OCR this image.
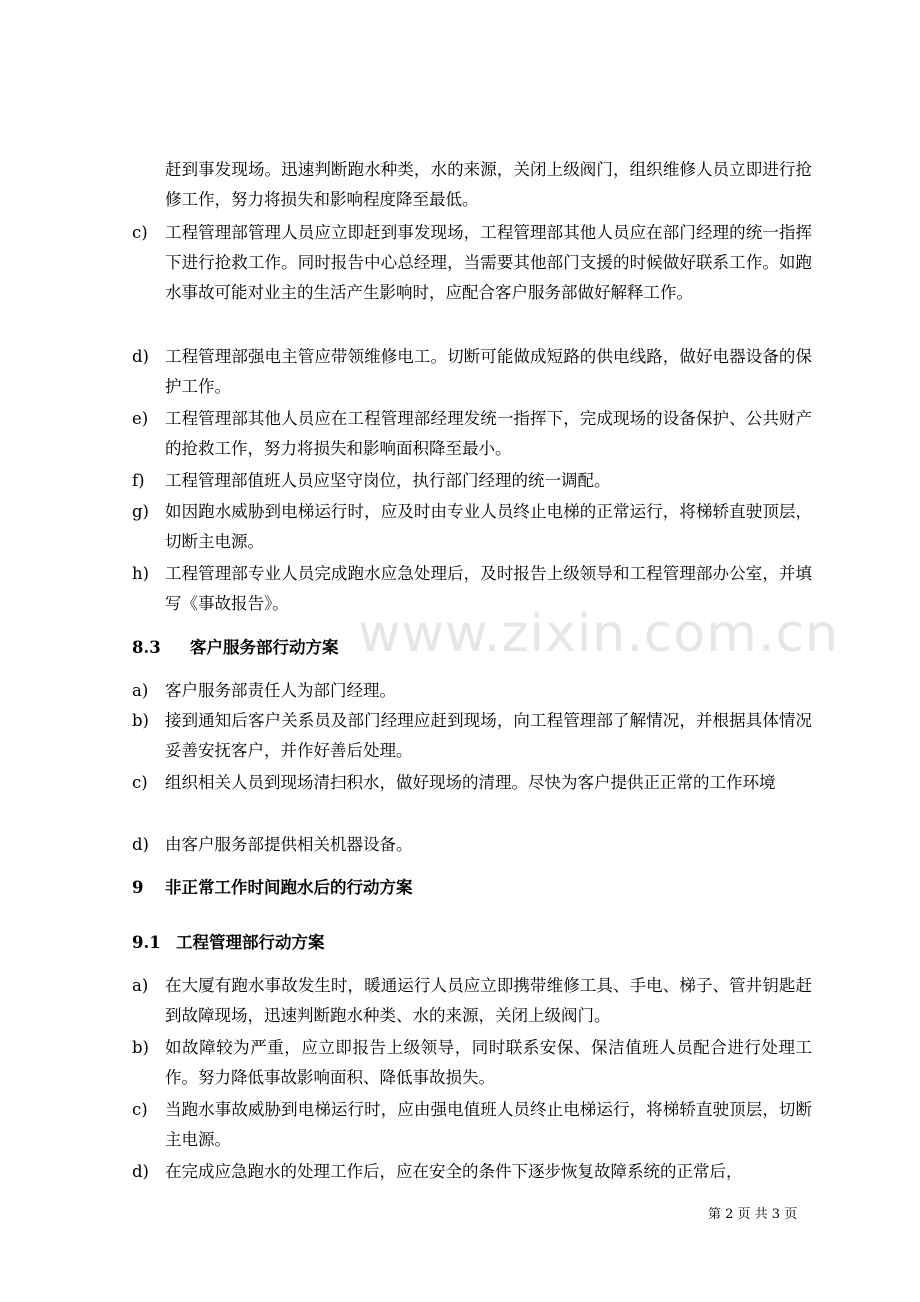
www.zixin.com.cn
赶到事发现场。迅速判断跑水种类，水的来源，关闭上级阀门，组织维修人员立即进行抢修工作，努力将损失和影响程度降至最低。
c)	工程管理部管理人员应立即赶到事发现场，工程管理部其他人员应在部门经理的统一指挥下进行抢救工作。同时报告中心总经理，当需要其他部门支援的时候做好联系工作。如跑水事故可能对业主的生活产生影响时，应配合客户服务部做好解释工作。
d) 工程管理部强电主管应带领维修电工。切断可能做成短路的供电线路，做好电器设备的保护工作。
e)	工程管理部其他人员应在工程管理部经理发统一指挥下，完成现场的设备保护、公共财产的抢救工作，努力将损失和影响面积降至最小。
f)	工程管理部值班人员应坚守岗位，执行部门经理的统一调配。
g) 如因跑水威胁到电梯运行时，应及时由专业人员终止电梯的正常运行，将梯轿直驶顶层，切断主电源。
h) 工程管理部专业人员完成跑水应急处理后，及时报告上级领导和工程管理部办公室，并填写《事故报告》。
8.3 客户服务部行动方案
a)	客户服务部责任人为部门经理。
b) 接到通知后客户关系员及部门经理应赶到现场，向工程管理部了解情况，并根据具体情况妥善安抚客户，并作好善后处理。
c)	组织相关人员到现场清扫积水，做好现场的清理。尽快为客户提供正正常的工作环境
d) 由客户服务部提供相关机器设备。
9 非正常工作时间跑水后的行动方案
9.1 工程管理部行动方案
a)	在大厦有跑水事故发生时，暖通运行人员应立即携带维修工具、手电、梯子、管井钥匙赶到故障现场，迅速判断跑水种类、水的来源，关闭上级阀门。
b) 如故障较为严重，应立即报告上级领导，同时联系安保、保洁值班人员配合进行处理工作。努力降低事故影响面积、降低事故损失。
c)	当跑水事故威胁到电梯运行时，应由强电值班人员终止电梯运行，将梯轿直驶顶层，切断主电源。
d) 在完成应急跑水的处理工作后，应在安全的条件下逐步恢复故障系统的正常后，
第 2 页 共 3 页
